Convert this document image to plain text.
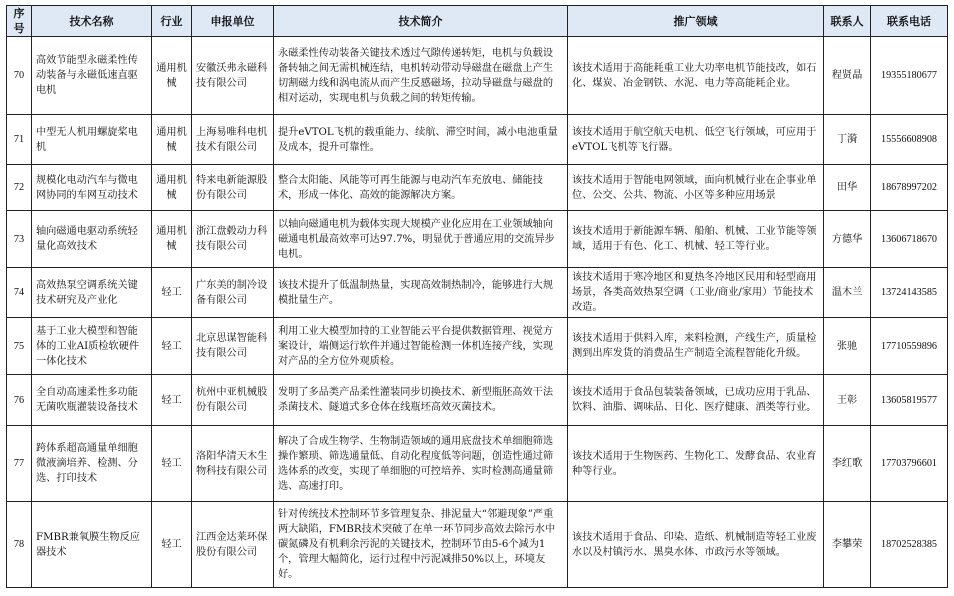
序号	技术名称	行业	申报单位	技术简介	推广领域	联系人	联系电话
70	高效节能型永磁柔性传动装备与永磁低速直驱电机	通用机械	安徽沃弗永磁科技有限公司	永磁柔性传动装备关键技术透过气隙传递转矩，电机与负载设备转轴之间无需机械连结，电机转动带动导磁盘在磁盘上产生切割磁力线和涡电流从而产生反感磁场，拉动导磁盘与磁盘的相对运动，实现电机与负载之间的转矩传输。	该技术适用于高能耗重工业大功率电机节能技改，如石化、煤炭、冶金钢铁、水泥、电力等高能耗企业。	程贤晶	19355180677
71	中型无人机用螺旋桨电机	通用机械	上海易唯科电机技术有限公司	提升eVTOL飞机的载重能力、续航、滞空时间，减小电池重量及成本，提升可靠性。	该技术适用于航空航天电机、低空飞行领域，可应用于eVTOL飞机等飞行器。	丁漪	15556608908
72	规模化电动汽车与微电网协同的车网互动技术	通用机械	特来电新能源股份有限公司	整合太阳能、风能等可再生能源与电动汽车充放电、储能技术，形成一体化、高效的能源解决方案。	该技术适用于智能电网领域，面向机械行业在企事业单位、公交、公共、物流、小区等多种应用场景	田华	18678997202
73	轴向磁通电驱动系统轻量化高效技术	通用机械	浙江盘毂动力科技有限公司	以轴向磁通电机为载体实现大规模产业化应用在工业领域轴向磁通电机最高效率可达97.7%，明显优于普通应用的交流异步电机。	该技术适用于新能源车辆、船舶、机械、工业节能等领域，适用于有色、化工、机械、轻工等行业。	方德华	13606718670
74	高效热泵空调系统关键技术研究及产业化	轻工	广东美的制冷设备有限公司	该技术提升了低温制热量，实现高效制热制冷，能够进行大规模批量生产。	该技术适用于寒冷地区和夏热冬冷地区民用和轻型商用场景，各类高效热泵空调（工业/商业/家用）节能技术改造。	温木兰	13724143585
75	基于工业大模型和智能体的工业AI质检软硬件一体化技术	轻工	北京思谋智能科技有限公司	利用工业大模型加持的工业智能云平台提供数据管理、视觉方案设计，端侧运行软件并通过智能检测一体机连接产线，实现对产品的全方位外观质检。	该技术适用于供料入库，来料检测，产线生产，质量检测到出库发货的消费品生产制造全流程智能化升级。	张驰	17710559896
76	全自动高速柔性多功能无菌吹瓶灌装设备技术	轻工	杭州中亚机械股份有限公司	发明了多品类产品柔性灌装同步切换技术、新型瓶胚高效干法杀菌技术、隧道式多仓体在线瓶坯高效灭菌技术。	该技术适用于食品包装装备领域，已成功应用于乳品、饮料、油脂、调味品、日化、医疗健康、酒类等行业。	王彰	13605819577
77	跨体系超高通量单细胞微液滴培养、检测、分选、打印技术	轻工	洛阳华清天木生物科技有限公司	解决了合成生物学、生物制造领域的通用底盘技术单细胞筛选操作繁琐、筛选通量低、自动化程度低等问题，创造性通过筛选体系的改变，实现了单细胞的可控培养、实时检测高通量筛选、高速打印。	该技术适用于生物医药、生物化工、发酵食品、农业育种等行业。	李红歌	17703796601
78	FMBR兼氧膜生物反应器技术	轻工	江西金达莱环保股份有限公司	针对传统技术控制环节多管理复杂、排泥量大“邻避现象”严重两大缺陷，FMBR技术突破了在单一环节同步高效去除污水中碳氮磷及有机剩余污泥的关键技术，控制环节由5-6个减为1个，管理大幅简化，运行过程中污泥减排50%以上，环境友好。	该技术适用于食品、印染、造纸、机械制造等轻工业废水以及村镇污水、黑臭水体、市政污水等领域。	李攀荣	18702528385
